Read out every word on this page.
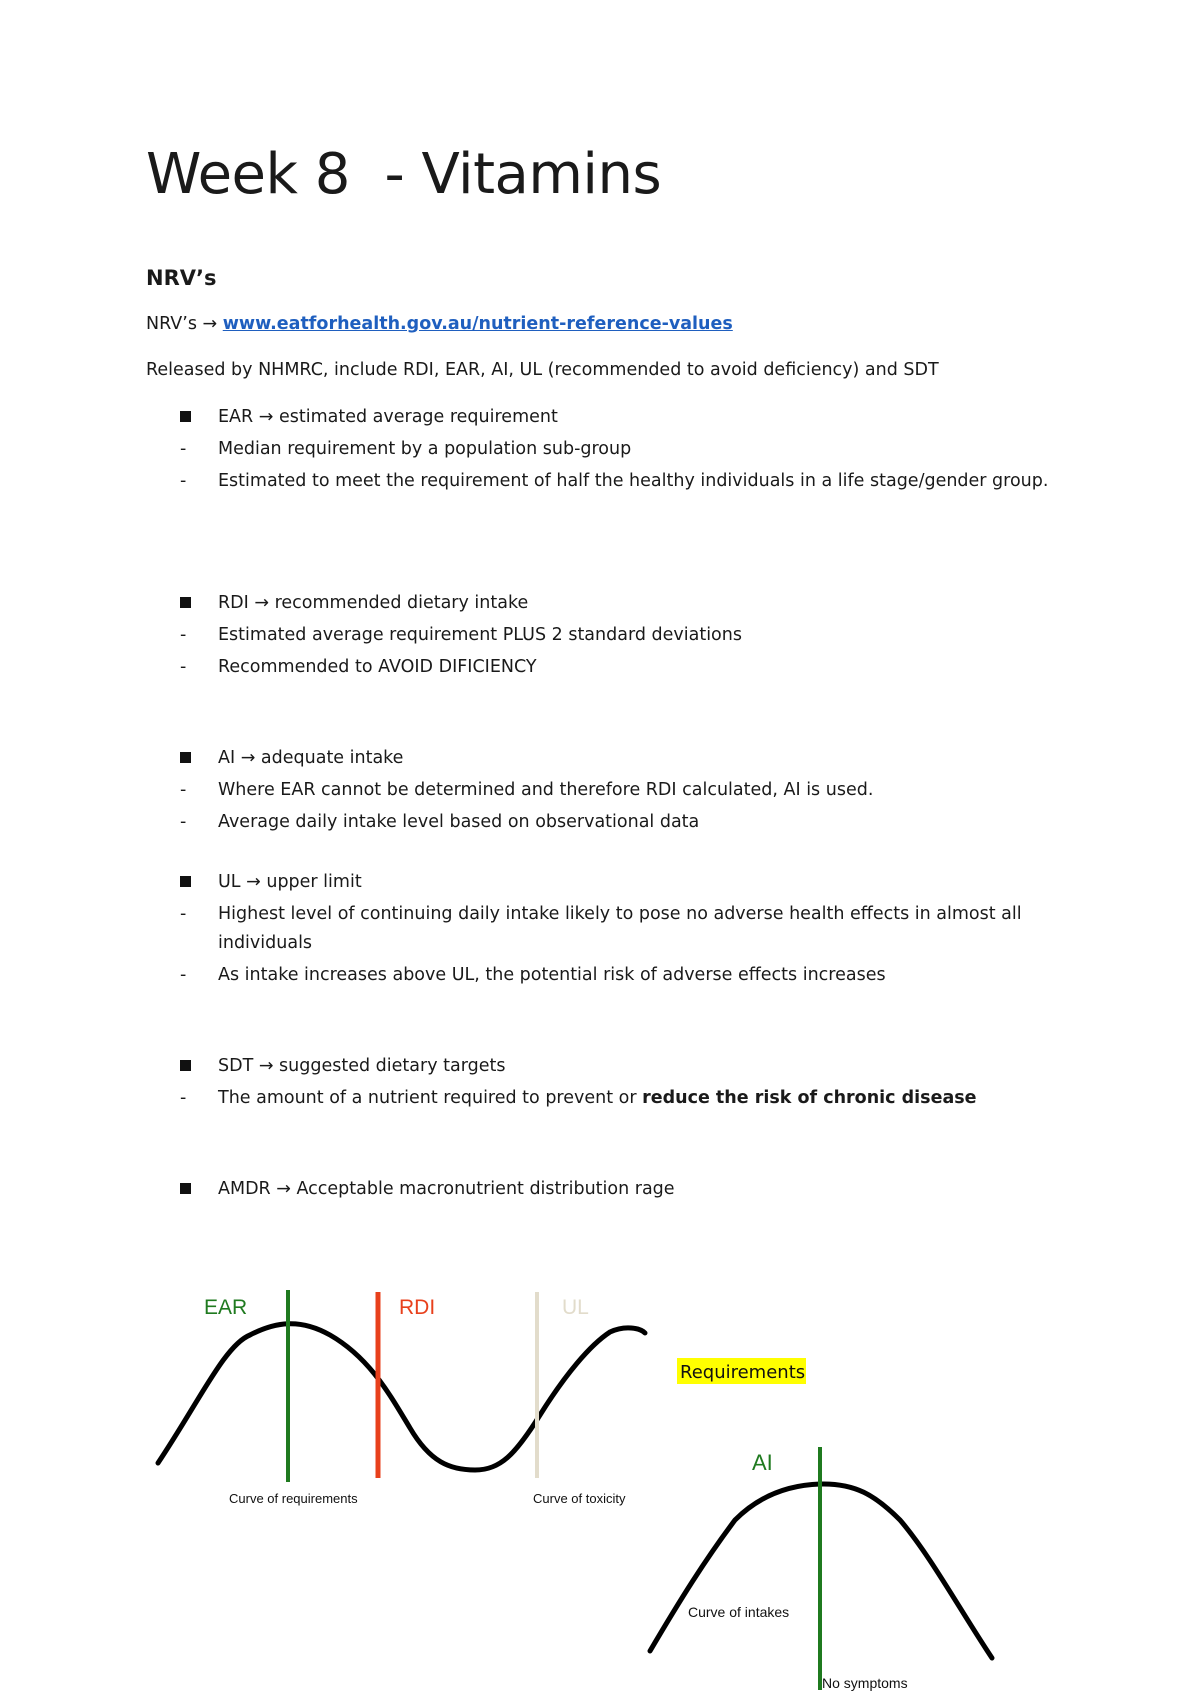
Week 8  - Vitamins
NRV’s

NRV’s → www.eatforhealth.gov.au/nutrient-reference-values

Released by NHMRC, include RDI, EAR, AI, UL (recommended to avoid deficiency) and SDT

EAR → estimated average requirement
-	Median requirement by a population sub-group
-	Estimated to meet the requirement of half the healthy individuals in a life stage/gender group.
RDI → recommended dietary intake
-	Estimated average requirement PLUS 2 standard deviations
-	Recommended to AVOID DIFICIENCY
AI → adequate intake
-	Where EAR cannot be determined and therefore RDI calculated, AI is used.
-	Average daily intake level based on observational data
UL → upper limit
-	Highest level of continuing daily intake likely to pose no adverse health effects in almost all individuals
-	As intake increases above UL, the potential risk of adverse effects increases
SDT → suggested dietary targets
-	The amount of a nutrient required to prevent or reduce the risk of chronic disease
AMDR → Acceptable macronutrient distribution rage
EAR	RDI	UL
Curve of requirements	Curve of toxicity
Requirements
AI
Curve of intakes
No symptoms
